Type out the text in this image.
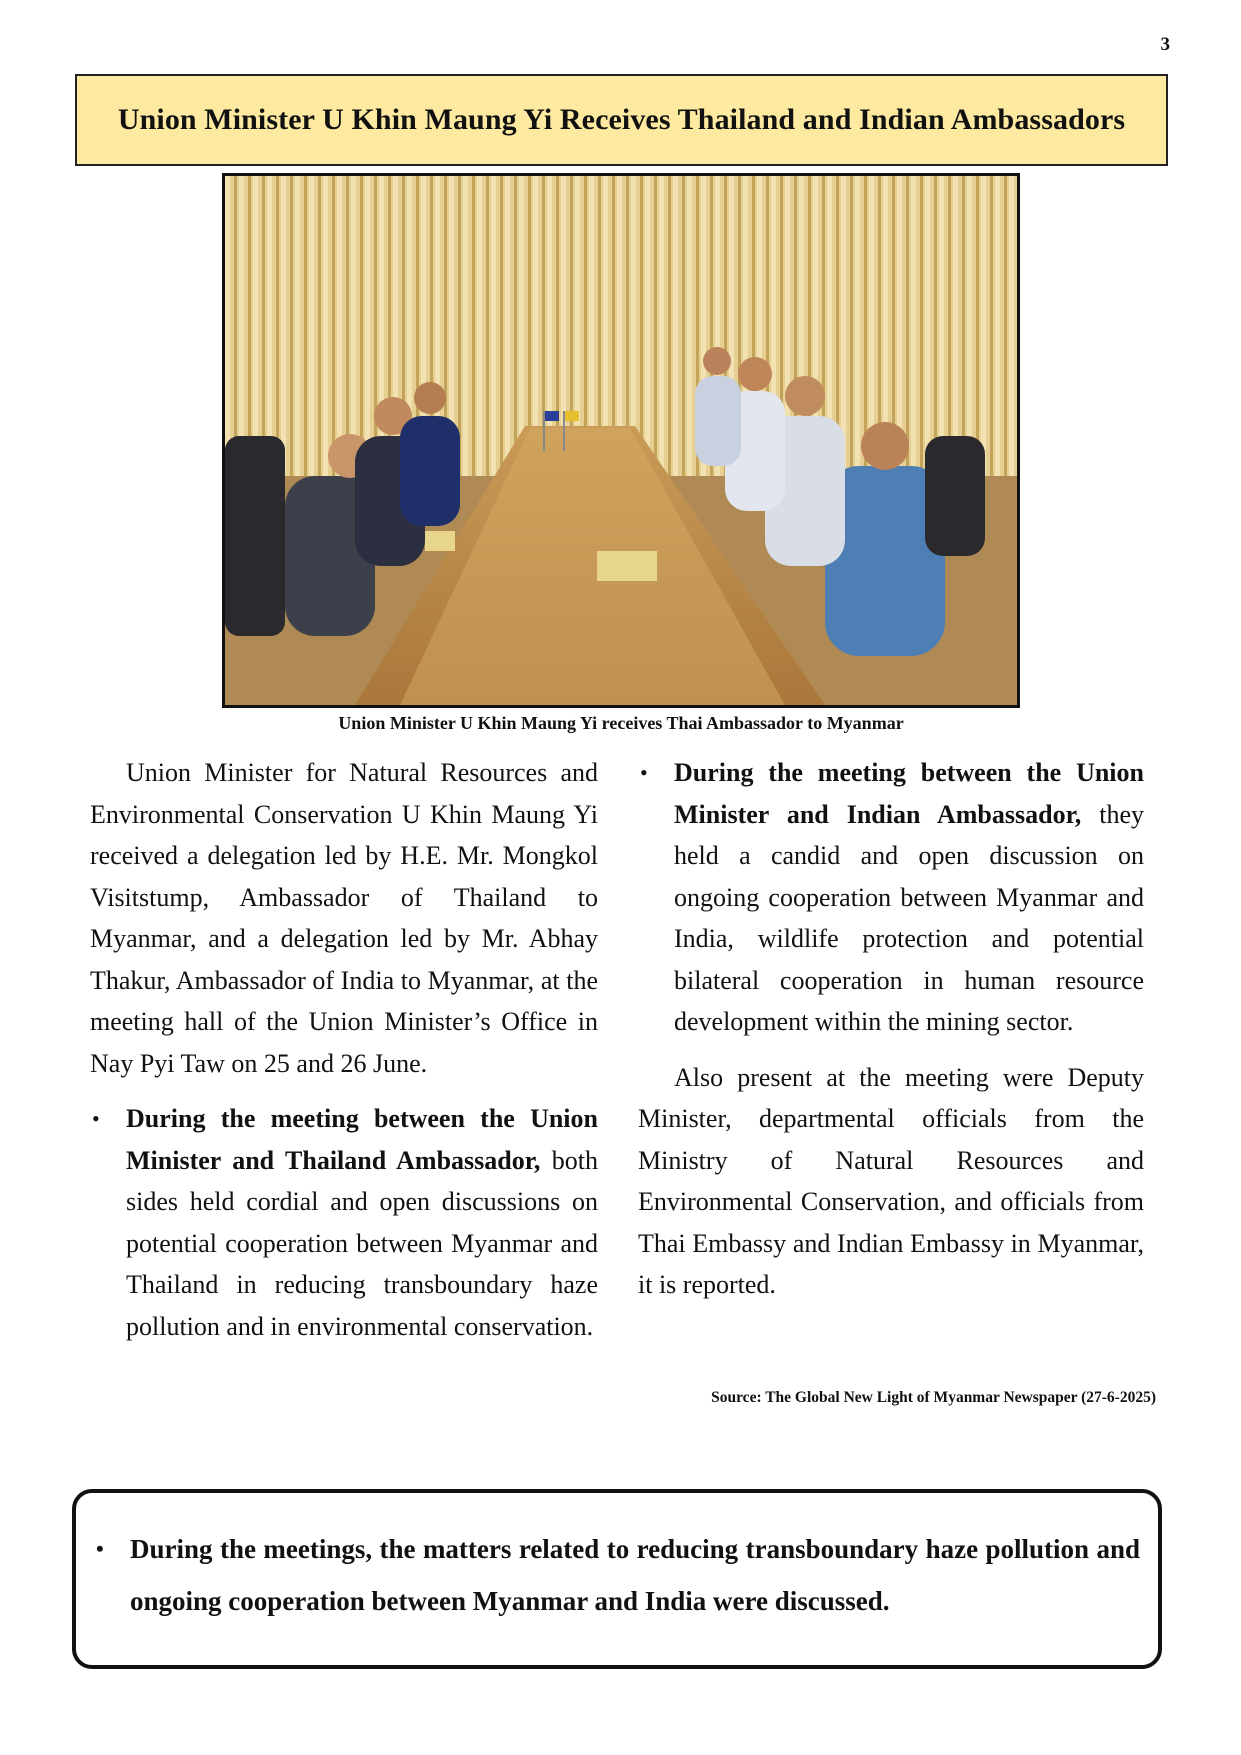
3
Union Minister U Khin Maung Yi Receives Thailand and Indian Ambassadors
Union Minister U Khin Maung Yi receives Thai Ambassador to Myanmar

Union Minister for Natural Resources and Environmental Conservation U Khin Maung Yi received a delegation led by H.E. Mr. Mongkol Visitstump, Ambassador of Thailand to Myanmar, and a delegation led by Mr. Abhay Thakur, Ambassador of India to Myanmar, at the meeting hall of the Union Minister’s Office in Nay Pyi Taw on 25 and 26 June.

• During the meeting between the Union Minister and Thailand Ambassador, both sides held cordial and open discussions on potential cooperation between Myanmar and Thailand in reducing transboundary haze pollution and in environmental conservation.
• During the meeting between the Union Minister and Indian Ambassador, they held a candid and open discussion on ongoing cooperation between Myanmar and India, wildlife protection and potential bilateral cooperation in human resource development within the mining sector.

Also present at the meeting were Deputy Minister, departmental officials from the Ministry of Natural Resources and Environmental Conservation, and officials from Thai Embassy and Indian Embassy in Myanmar, it is reported.

Source: The Global New Light of Myanmar Newspaper (27-6-2025)
• During the meetings, the matters related to reducing transboundary haze pollution and ongoing cooperation between Myanmar and India were discussed.
